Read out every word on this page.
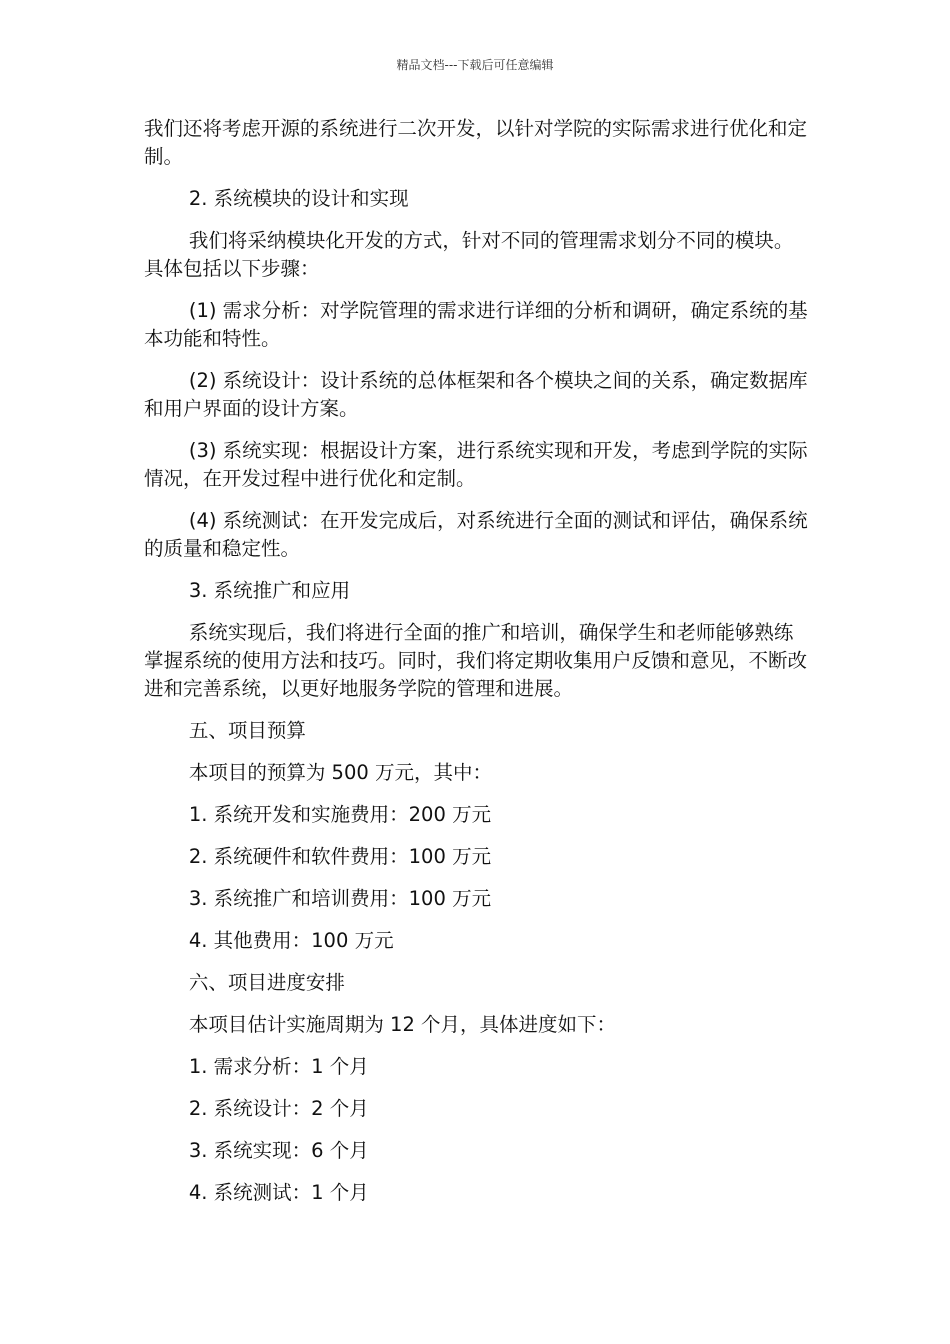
精品文档---下载后可任意编辑

我们还将考虑开源的系统进行二次开发，以针对学院的实际需求进行优化和定制。

2. 系统模块的设计和实现

我们将采纳模块化开发的方式，针对不同的管理需求划分不同的模块。具体包括以下步骤：

(1) 需求分析：对学院管理的需求进行详细的分析和调研，确定系统的基本功能和特性。

(2) 系统设计：设计系统的总体框架和各个模块之间的关系，确定数据库和用户界面的设计方案。

(3) 系统实现：根据设计方案，进行系统实现和开发，考虑到学院的实际情况，在开发过程中进行优化和定制。

(4) 系统测试：在开发完成后，对系统进行全面的测试和评估，确保系统的质量和稳定性。

3. 系统推广和应用

系统实现后，我们将进行全面的推广和培训，确保学生和老师能够熟练掌握系统的使用方法和技巧。同时，我们将定期收集用户反馈和意见，不断改进和完善系统，以更好地服务学院的管理和进展。

五、项目预算

本项目的预算为 500 万元，其中：

1. 系统开发和实施费用：200 万元

2. 系统硬件和软件费用：100 万元

3. 系统推广和培训费用：100 万元

4. 其他费用：100 万元

六、项目进度安排

本项目估计实施周期为 12 个月，具体进度如下：

1. 需求分析：1 个月

2. 系统设计：2 个月

3. 系统实现：6 个月

4. 系统测试：1 个月
